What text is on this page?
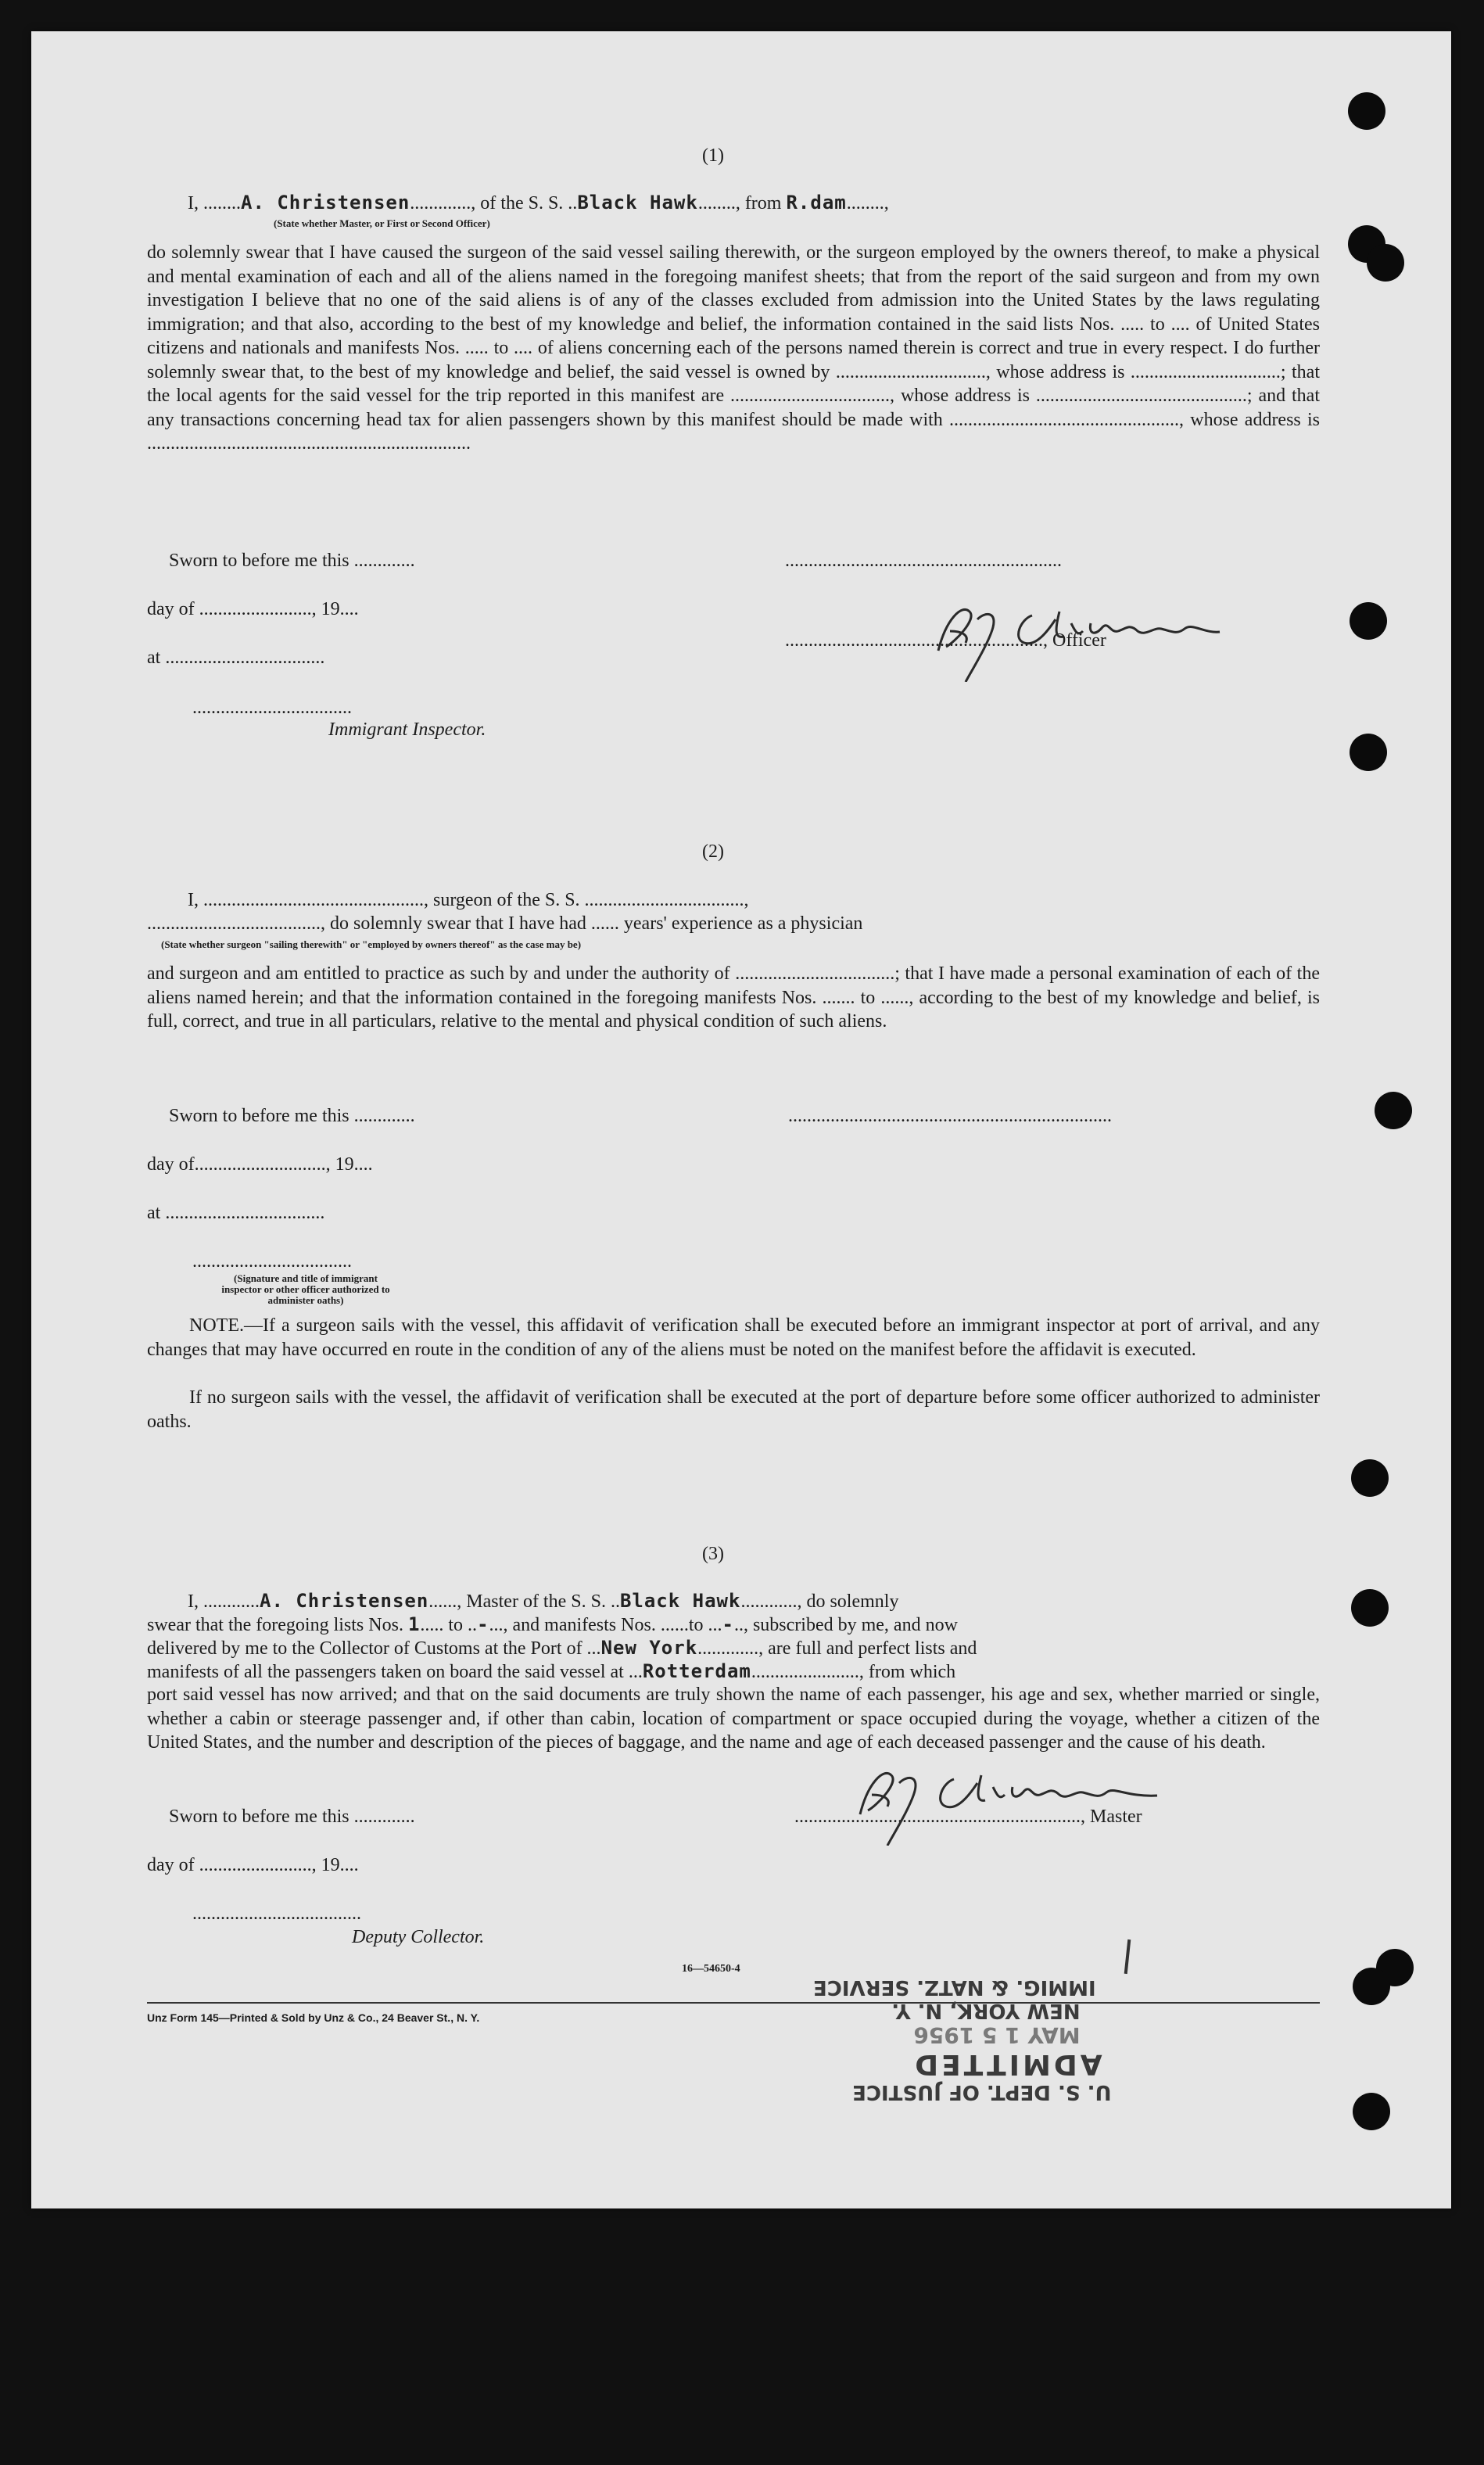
(1)
I, ........A. Christensen............., of the S. S. ..Black Hawk........, from R.dam........,
(State whether Master, or First or Second Officer)
do solemnly swear that I have caused the surgeon of the said vessel sailing therewith, or the surgeon employed by the owners thereof, to make a physical and mental examination of each and all of the aliens named in the foregoing manifest sheets; that from the report of the said surgeon and from my own investigation I believe that no one of the said aliens is of any of the classes excluded from admission into the United States by the laws regulating immigration; and that also, according to the best of my knowledge and belief, the information contained in the said lists Nos. ..... to .... of United States citizens and nationals and manifests Nos. ..... to .... of aliens concerning each of the persons named therein is correct and true in every respect. I do further solemnly swear that, to the best of my knowledge and belief, the said vessel is owned by ................................, whose address is ................................; that the local agents for the said vessel for the trip reported in this manifest are .................................., whose address is .............................................; and that any transactions concerning head tax for alien passengers shown by this manifest should be made with ................................................., whose address is .....................................................................
Sworn to before me this .............	...........................................................
day of ........................, 19....
......................................................., Officer
at ..................................
..................................
Immigrant Inspector.
(2)
I, ..............................................., surgeon of the S. S. ..................................,
....................................., do solemnly swear that I have had ...... years' experience as a physician
(State whether surgeon "sailing therewith" or "employed by owners thereof" as the case may be)
and surgeon and am entitled to practice as such by and under the authority of ..................................; that I have made a personal examination of each of the aliens named herein; and that the information contained in the foregoing manifests Nos. ....... to ......, according to the best of my knowledge and belief, is full, correct, and true in all particulars, relative to the mental and physical condition of such aliens.
Sworn to before me this .............	.....................................................................
day of............................, 19....
at ..................................
..................................
(Signature and title of immigrant inspector or other officer authorized to administer oaths)
NOTE.—If a surgeon sails with the vessel, this affidavit of verification shall be executed before an immigrant inspector at port of arrival, and any changes that may have occurred en route in the condition of any of the aliens must be noted on the manifest before the affidavit is executed.
If no surgeon sails with the vessel, the affidavit of verification shall be executed at the port of departure before some officer authorized to administer oaths.
(3)
I, ............A. Christensen......, Master of the S. S. ..Black Hawk............, do solemnly
swear that the foregoing lists Nos. 1..... to ..-..., and manifests Nos. ......to ...-.., subscribed by me, and now
delivered by me to the Collector of Customs at the Port of ...New York............., are full and perfect lists and
manifests of all the passengers taken on board the said vessel at ...Rotterdam......................., from which
port said vessel has now arrived; and that on the said documents are truly shown the name of each passenger, his age and sex, whether married or single, whether a cabin or steerage passenger and, if other than cabin, location of compartment or space occupied during the voyage, whether a citizen of the United States, and the number and description of the pieces of baggage, and the name and age of each deceased passenger and the cause of his death.
Sworn to before me this .............	............................................................., Master
day of ........................, 19....
....................................
Deputy Collector.
16—54650-4
Unz Form 145—Printed & Sold by Unz & Co., 24 Beaver St., N. Y.
U. S. DEPT. OF JUSTICE
ADMITTED
MAY 1 5 1956
NEW YORK, N. Y.
IMMIG. & NATZ. SERVICE
